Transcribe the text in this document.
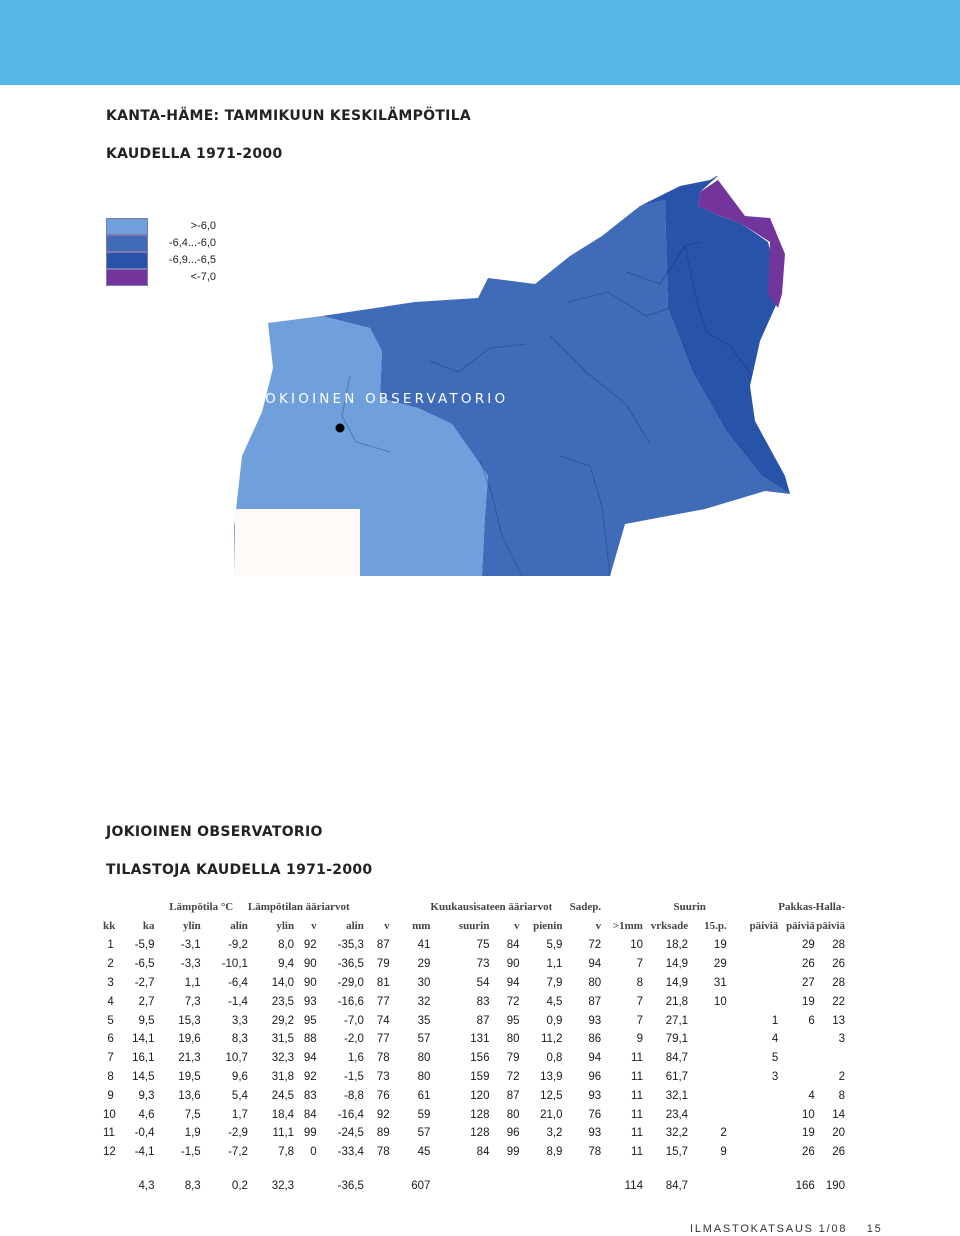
KANTA-HÄME: TAMMIKUUN KESKILÄMPÖTILA
KAUDELLA 1971-2000
>-6,0
-6,4...-6,0
-6,9...-6,5
<-7,0
JOKIOINEN OBSERVATORIO
JOKIOINEN OBSERVATORIO
TILASTOJA KAUDELLA 1971-2000
		Lämpötila °C		Lämpötilan ääriarvot					Kuukausisateen ääriarvot			Sadep.	Suurin				Pakkas-	Halla-
kk	ka	ylin	alin	ylin	v	alin	v	mm	suurin	v	pienin	v	>1mm	vrksade	15.p.	päiviä	päiviä	päiviä
1	-5,9	-3,1	-9,2	8,0	92	-35,3	87	41	75	84	5,9	72	10	18,2	19		29	28
2	-6,5	-3,3	-10,1	9,4	90	-36,5	79	29	73	90	1,1	94	7	14,9	29		26	26
3	-2,7	1,1	-6,4	14,0	90	-29,0	81	30	54	94	7,9	80	8	14,9	31		27	28
4	2,7	7,3	-1,4	23,5	93	-16,6	77	32	83	72	4,5	87	7	21,8	10		19	22
5	9,5	15,3	3,3	29,2	95	-7,0	74	35	87	95	0,9	93	7	27,1		1	6	13
6	14,1	19,6	8,3	31,5	88	-2,0	77	57	131	80	11,2	86	9	79,1		4		3
7	16,1	21,3	10,7	32,3	94	1,6	78	80	156	79	0,8	94	11	84,7		5		
8	14,5	19,5	9,6	31,8	92	-1,5	73	80	159	72	13,9	96	11	61,7		3		2
9	9,3	13,6	5,4	24,5	83	-8,8	76	61	120	87	12,5	93	11	32,1			4	8
10	4,6	7,5	1,7	18,4	84	-16,4	92	59	128	80	21,0	76	11	23,4			10	14
11	-0,4	1,9	-2,9	11,1	99	-24,5	89	57	128	96	3,2	93	11	32,2	2		19	20
12	-4,1	-1,5	-7,2	7,8	0	-33,4	78	45	84	99	8,9	78	11	15,7	9		26	26

	4,3	8,3	0,2	32,3		-36,5		607					114	84,7			166	190
ILMASTOKATSAUS 1/08    15
